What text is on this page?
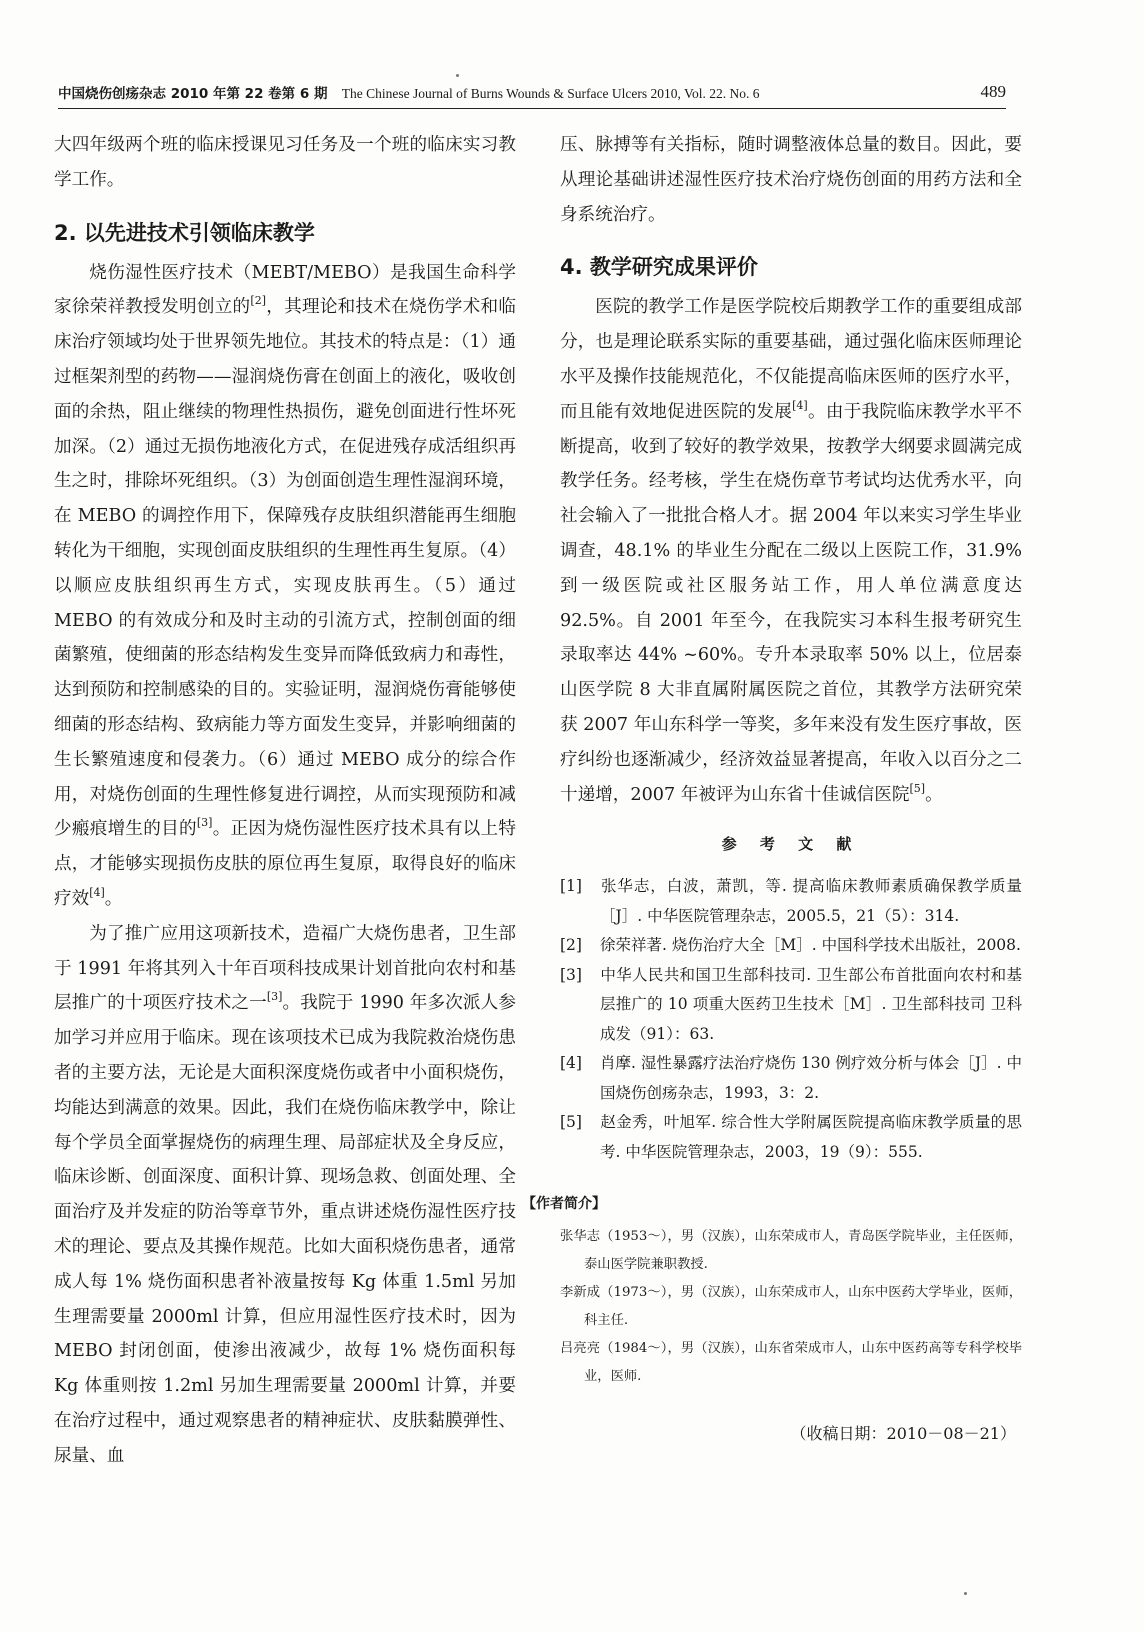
中国烧伤创疡杂志 2010 年第 22 卷第 6 期 The Chinese Journal of Burns Wounds & Surface Ulcers 2010, Vol. 22. No. 6	489

大四年级两个班的临床授课见习任务及一个班的临床实习教学工作。

2. 以先进技术引领临床教学

烧伤湿性医疗技术（MEBT/MEBO）是我国生命科学家徐荣祥教授发明创立的[2]，其理论和技术在烧伤学术和临床治疗领域均处于世界领先地位。其技术的特点是：（1）通过框架剂型的药物——湿润烧伤膏在创面上的液化，吸收创面的余热，阻止继续的物理性热损伤，避免创面进行性坏死加深。（2）通过无损伤地液化方式，在促进残存成活组织再生之时，排除坏死组织。（3）为创面创造生理性湿润环境，在 MEBO 的调控作用下，保障残存皮肤组织潜能再生细胞转化为干细胞，实现创面皮肤组织的生理性再生复原。（4）以顺应皮肤组织再生方式，实现皮肤再生。（5）通过 MEBO 的有效成分和及时主动的引流方式，控制创面的细菌繁殖，使细菌的形态结构发生变异而降低致病力和毒性，达到预防和控制感染的目的。实验证明，湿润烧伤膏能够使细菌的形态结构、致病能力等方面发生变异，并影响细菌的生长繁殖速度和侵袭力。（6）通过 MEBO 成分的综合作用，对烧伤创面的生理性修复进行调控，从而实现预防和减少瘢痕增生的目的[3]。正因为烧伤湿性医疗技术具有以上特点，才能够实现损伤皮肤的原位再生复原，取得良好的临床疗效[4]。

为了推广应用这项新技术，造福广大烧伤患者，卫生部于 1991 年将其列入十年百项科技成果计划首批向农村和基层推广的十项医疗技术之一[3]。我院于 1990 年多次派人参加学习并应用于临床。现在该项技术已成为我院救治烧伤患者的主要方法，无论是大面积深度烧伤或者中小面积烧伤，均能达到满意的效果。因此，我们在烧伤临床教学中，除让每个学员全面掌握烧伤的病理生理、局部症状及全身反应，临床诊断、创面深度、面积计算、现场急救、创面处理、全面治疗及并发症的防治等章节外，重点讲述烧伤湿性医疗技术的理论、要点及其操作规范。比如大面积烧伤患者，通常成人每 1% 烧伤面积患者补液量按每 Kg 体重 1.5ml 另加生理需要量 2000ml 计算，但应用湿性医疗技术时，因为 MEBO 封闭创面，使渗出液减少，故每 1% 烧伤面积每 Kg 体重则按 1.2ml 另加生理需要量 2000ml 计算，并要在治疗过程中，通过观察患者的精神症状、皮肤黏膜弹性、尿量、血

压、脉搏等有关指标，随时调整液体总量的数目。因此，要从理论基础讲述湿性医疗技术治疗烧伤创面的用药方法和全身系统治疗。

4. 教学研究成果评价

医院的教学工作是医学院校后期教学工作的重要组成部分，也是理论联系实际的重要基础，通过强化临床医师理论水平及操作技能规范化，不仅能提高临床医师的医疗水平，而且能有效地促进医院的发展[4]。由于我院临床教学水平不断提高，收到了较好的教学效果，按教学大纲要求圆满完成教学任务。经考核，学生在烧伤章节考试均达优秀水平，向社会输入了一批批合格人才。据 2004 年以来实习学生毕业调查，48.1% 的毕业生分配在二级以上医院工作，31.9% 到一级医院或社区服务站工作，用人单位满意度达 92.5%。自 2001 年至今，在我院实习本科生报考研究生录取率达 44% ~60%。专升本录取率 50% 以上，位居泰山医学院 8 大非直属附属医院之首位，其教学方法研究荣获 2007 年山东科学一等奖，多年来没有发生医疗事故，医疗纠纷也逐渐减少，经济效益显著提高，年收入以百分之二十递增，2007 年被评为山东省十佳诚信医院[5]。

参 考 文 献
[1] 张华志，白波，萧凯，等. 提高临床教师素质确保教学质量［J］. 中华医院管理杂志，2005.5，21（5）：314.
[2] 徐荣祥著. 烧伤治疗大全［M］. 中国科学技术出版社，2008.
[3] 中华人民共和国卫生部科技司. 卫生部公布首批面向农村和基层推广的 10 项重大医药卫生技术［M］. 卫生部科技司 卫科成发（91）：63.
[4] 肖摩. 湿性暴露疗法治疗烧伤 130 例疗效分析与体会［J］. 中国烧伤创疡杂志，1993，3：2.
[5] 赵金秀，叶旭军. 综合性大学附属医院提高临床教学质量的思考. 中华医院管理杂志，2003，19（9）：555.
【作者简介】
张华志（1953～），男（汉族），山东荣成市人，青岛医学院毕业，主任医师，泰山医学院兼职教授.
李新成（1973～），男（汉族），山东荣成市人，山东中医药大学毕业，医师，科主任.
吕亮亮（1984～），男（汉族），山东省荣成市人，山东中医药高等专科学校毕业，医师.
（收稿日期：2010－08－21）
